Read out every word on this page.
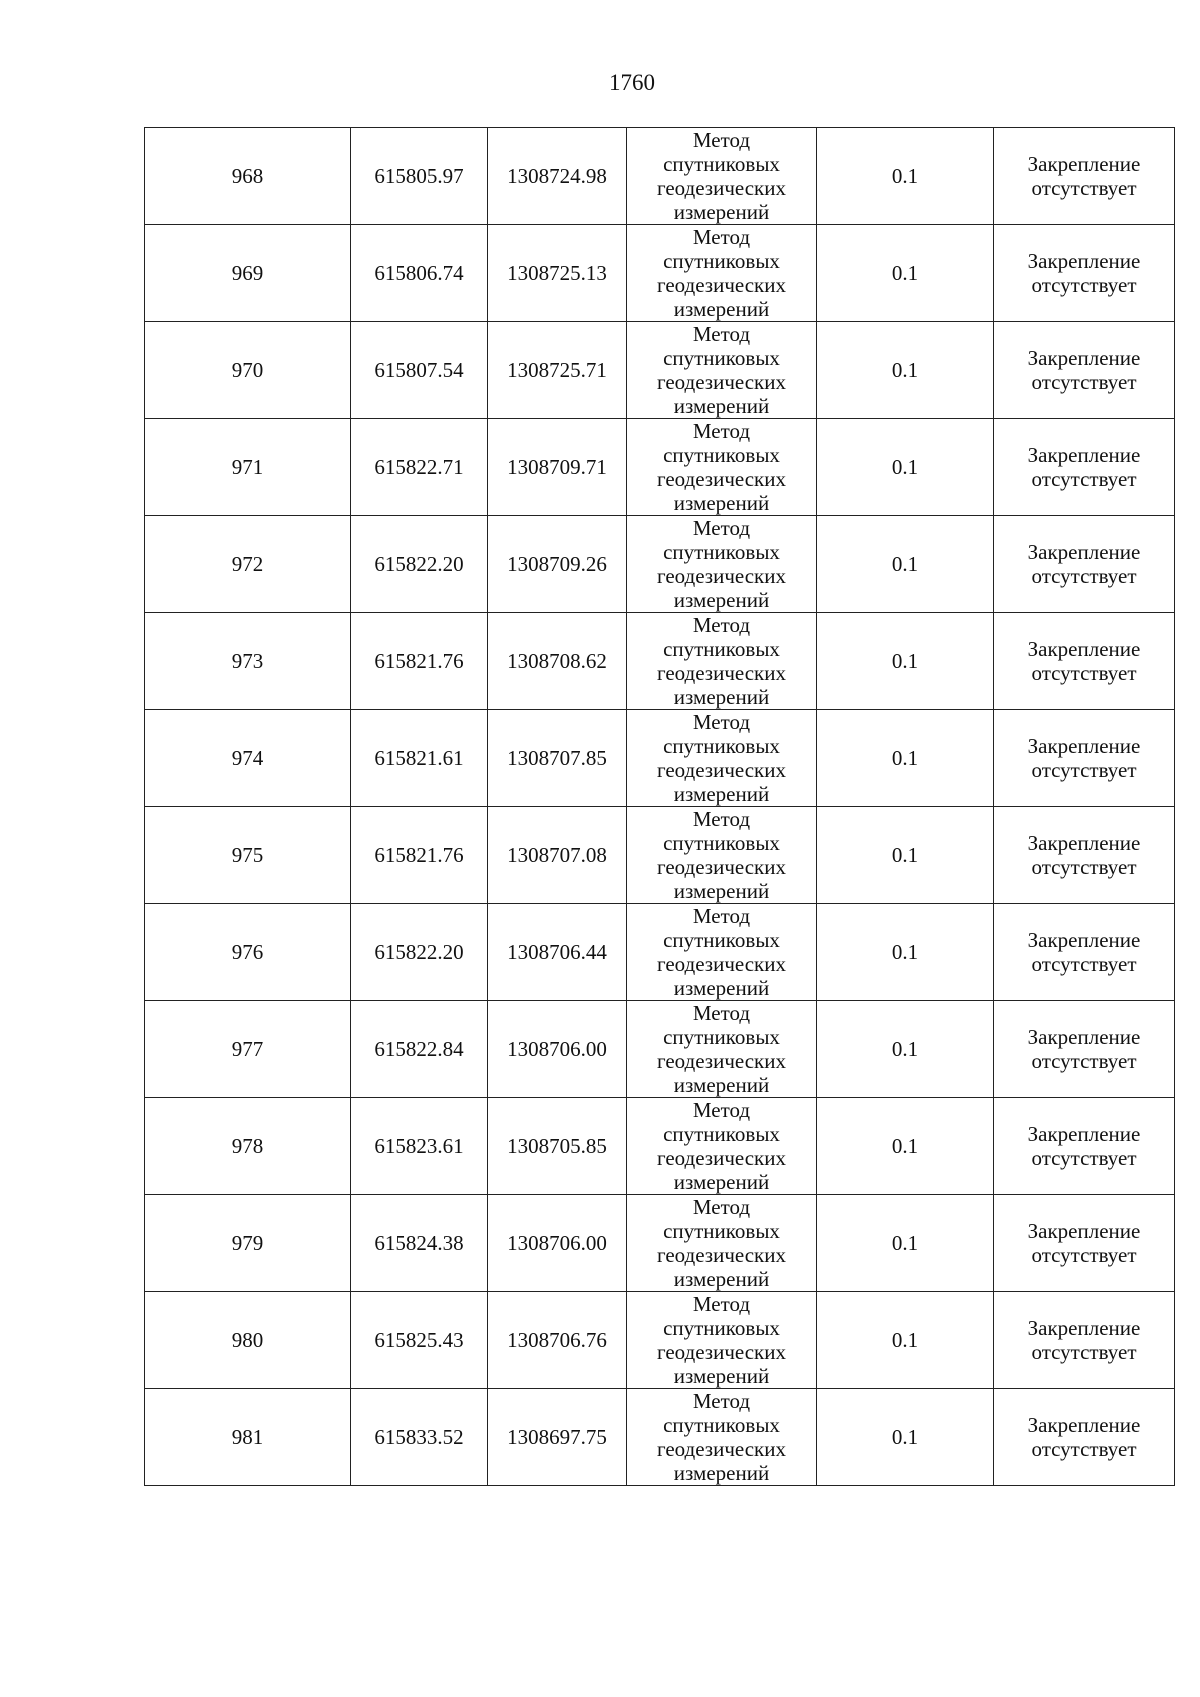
1760
968	615805.97	1308724.98	Метод
спутниковых
геодезических
измерений	0.1	Закрепление
отсутствует

969	615806.74	1308725.13	Метод
спутниковых
геодезических
измерений	0.1	Закрепление
отсутствует

970	615807.54	1308725.71	Метод
спутниковых
геодезических
измерений	0.1	Закрепление
отсутствует

971	615822.71	1308709.71	Метод
спутниковых
геодезических
измерений	0.1	Закрепление
отсутствует

972	615822.20	1308709.26	Метод
спутниковых
геодезических
измерений	0.1	Закрепление
отсутствует

973	615821.76	1308708.62	Метод
спутниковых
геодезических
измерений	0.1	Закрепление
отсутствует

974	615821.61	1308707.85	Метод
спутниковых
геодезических
измерений	0.1	Закрепление
отсутствует

975	615821.76	1308707.08	Метод
спутниковых
геодезических
измерений	0.1	Закрепление
отсутствует

976	615822.20	1308706.44	Метод
спутниковых
геодезических
измерений	0.1	Закрепление
отсутствует

977	615822.84	1308706.00	Метод
спутниковых
геодезических
измерений	0.1	Закрепление
отсутствует

978	615823.61	1308705.85	Метод
спутниковых
геодезических
измерений	0.1	Закрепление
отсутствует

979	615824.38	1308706.00	Метод
спутниковых
геодезических
измерений	0.1	Закрепление
отсутствует

980	615825.43	1308706.76	Метод
спутниковых
геодезических
измерений	0.1	Закрепление
отсутствует

981	615833.52	1308697.75	Метод
спутниковых
геодезических
измерений	0.1	Закрепление
отсутствует
